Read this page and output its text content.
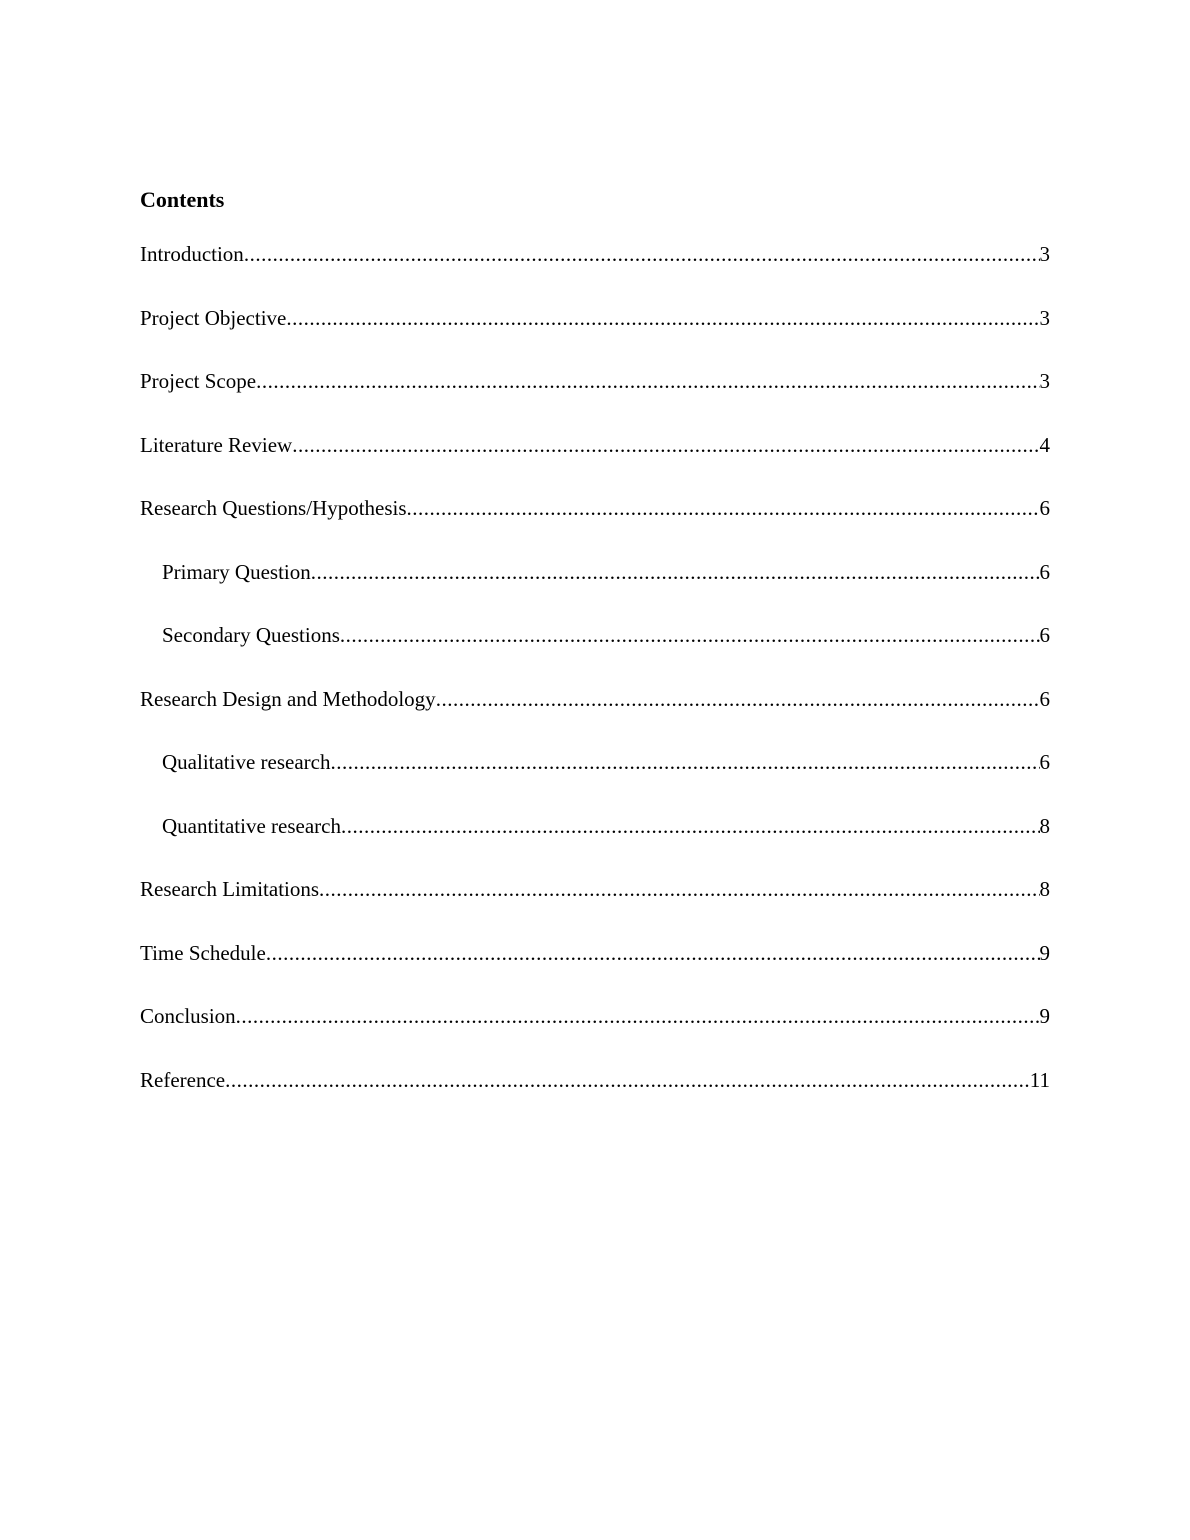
Contents
Introduction .....	3
Project Objective .....	3
Project Scope .....	3
Literature Review .....	4
Research Questions/Hypothesis .....	6
Primary Question .....	6
Secondary Questions .....	6
Research Design and Methodology .....	6
Qualitative research .....	6
Quantitative research .....	8
Research Limitations .....	8
Time Schedule .....	9
Conclusion .....	9
Reference .....	11
